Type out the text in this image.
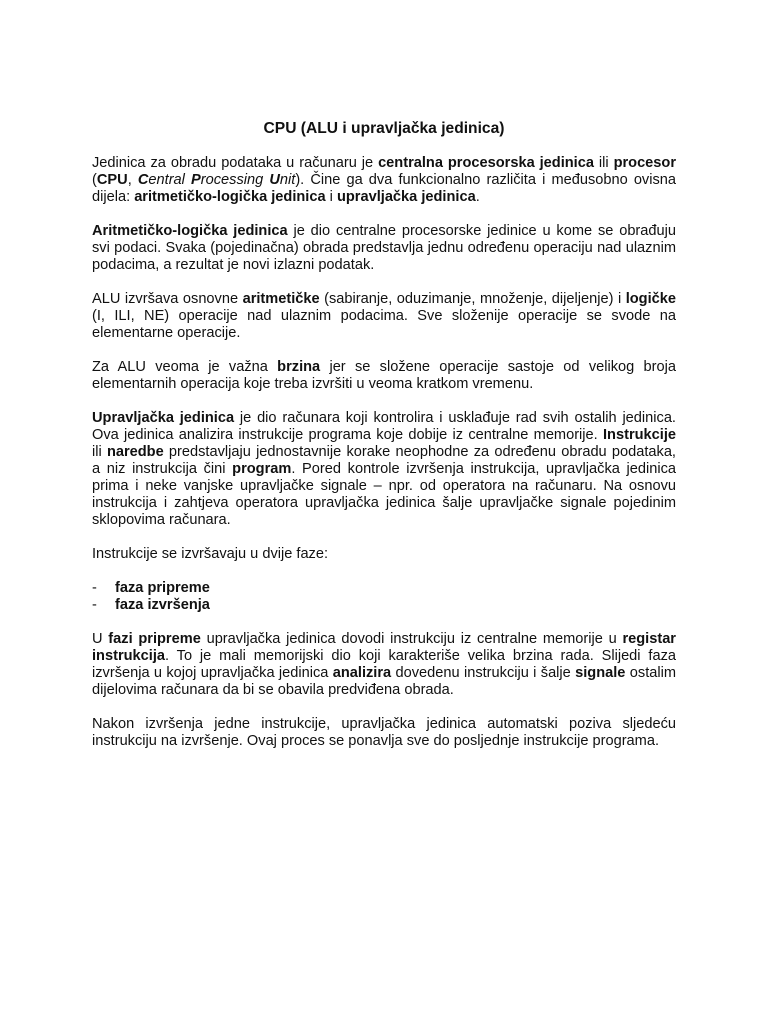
CPU (ALU i upravljačka jedinica)

Jedinica za obradu podataka u računaru je centralna procesorska jedinica ili procesor (CPU, Central Processing Unit). Čine ga dva funkcionalno različita i međusobno ovisna dijela: aritmetičko-logička jedinica i upravljačka jedinica.

Aritmetičko-logička jedinica je dio centralne procesorske jedinice u kome se obrađuju svi podaci. Svaka (pojedinačna) obrada predstavlja jednu određenu operaciju nad ulaznim podacima, a rezultat je novi izlazni podatak.

ALU izvršava osnovne aritmetičke (sabiranje, oduzimanje, množenje, dijeljenje) i logičke (I, ILI, NE) operacije nad ulaznim podacima. Sve složenije operacije se svode na elementarne operacije.

Za ALU veoma je važna brzina jer se složene operacije sastoje od velikog broja elementarnih operacija koje treba izvršiti u veoma kratkom vremenu.

Upravljačka jedinica je dio računara koji kontrolira i usklađuje rad svih ostalih jedinica. Ova jedinica analizira instrukcije programa koje dobije iz centralne memorije. Instrukcije ili naredbe predstavljaju jednostavnije korake neophodne za određenu obradu podataka, a niz instrukcija čini program. Pored kontrole izvršenja instrukcija, upravljačka jedinica prima i neke vanjske upravljačke signale – npr. od operatora na računaru. Na osnovu instrukcija i zahtjeva operatora upravljačka jedinica šalje upravljačke signale pojedinim sklopovima računara.

Instrukcije se izvršavaju u dvije faze:

-	faza pripreme
-	faza izvršenja

U fazi pripreme upravljačka jedinica dovodi instrukciju iz centralne memorije u registar instrukcija. To je mali memorijski dio koji karakteriše velika brzina rada. Slijedi faza izvršenja u kojoj upravljačka jedinica analizira dovedenu instrukciju i šalje signale ostalim dijelovima računara da bi se obavila predviđena obrada.

Nakon izvršenja jedne instrukcije, upravljačka jedinica automatski poziva sljedeću instrukciju na izvršenje. Ovaj proces se ponavlja sve do posljednje instrukcije programa.
